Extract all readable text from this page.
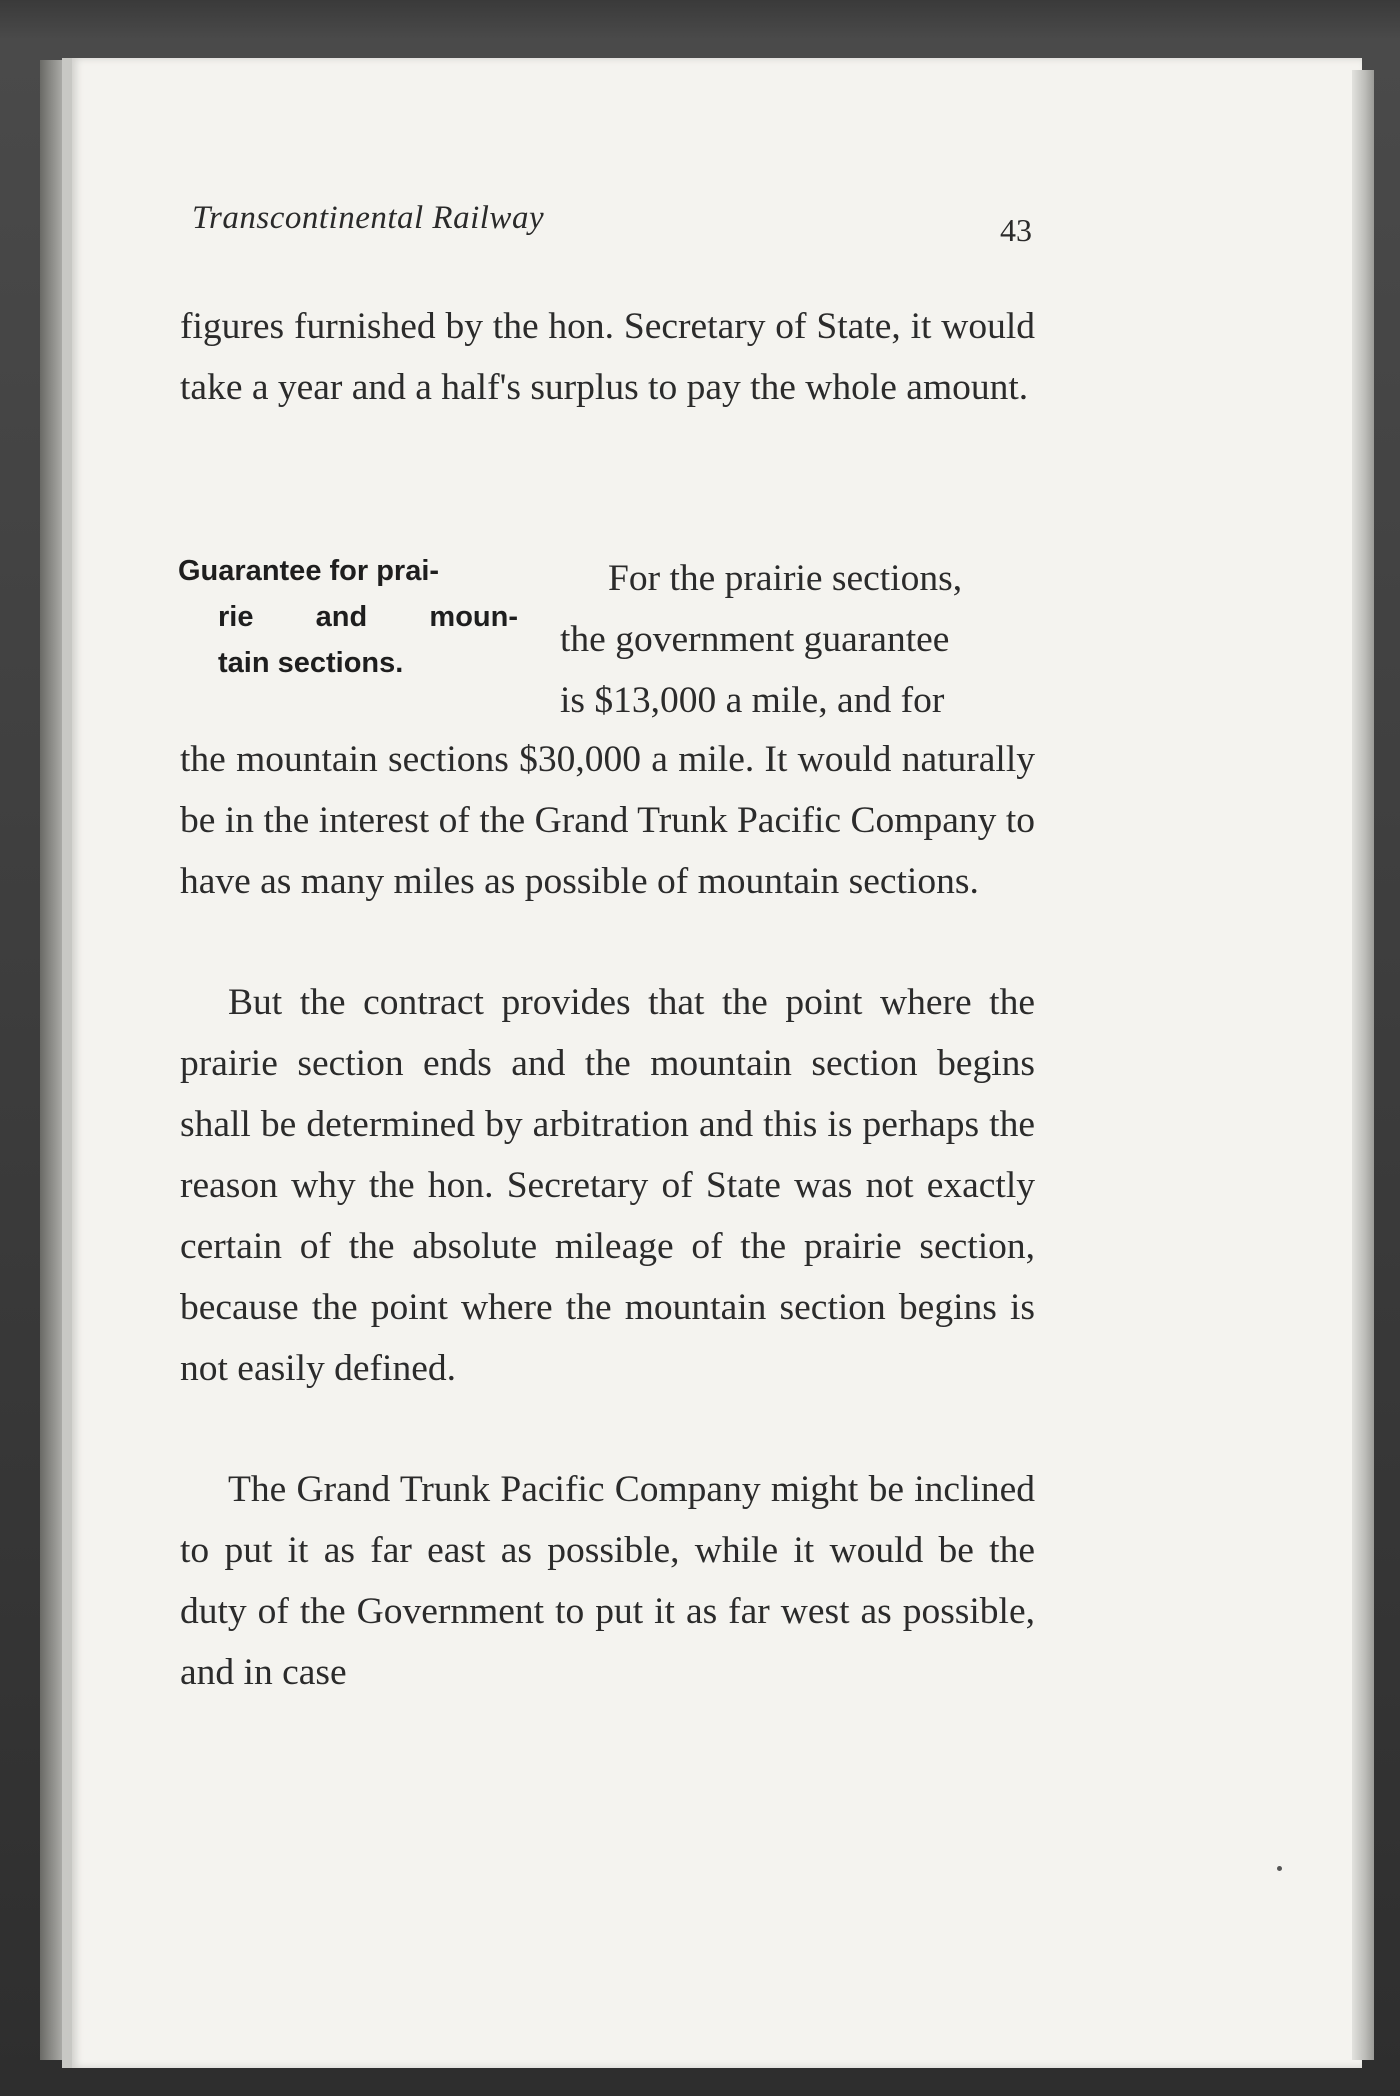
Transcontinental Railway	43
figures furnished by the hon. Secretary of State, it would take a year and a half's surplus to pay the whole amount.
Guarantee for prai-
rie and moun-
tain sections.
For the prairie sections,
the government guarantee
is $13,000 a mile, and for
the mountain sections $30,000 a mile. It would naturally be in the interest of the Grand Trunk Pacific Company to have as many miles as possible of mountain sections.
But the contract provides that the point where the prairie section ends and the mountain section begins shall be determined by arbitration and this is perhaps the reason why the hon. Secretary of State was not exactly certain of the absolute mileage of the prairie section, because the point where the mountain section begins is not easily defined.
The Grand Trunk Pacific Company might be inclined to put it as far east as possible, while it would be the duty of the Government to put it as far west as possible, and in case
